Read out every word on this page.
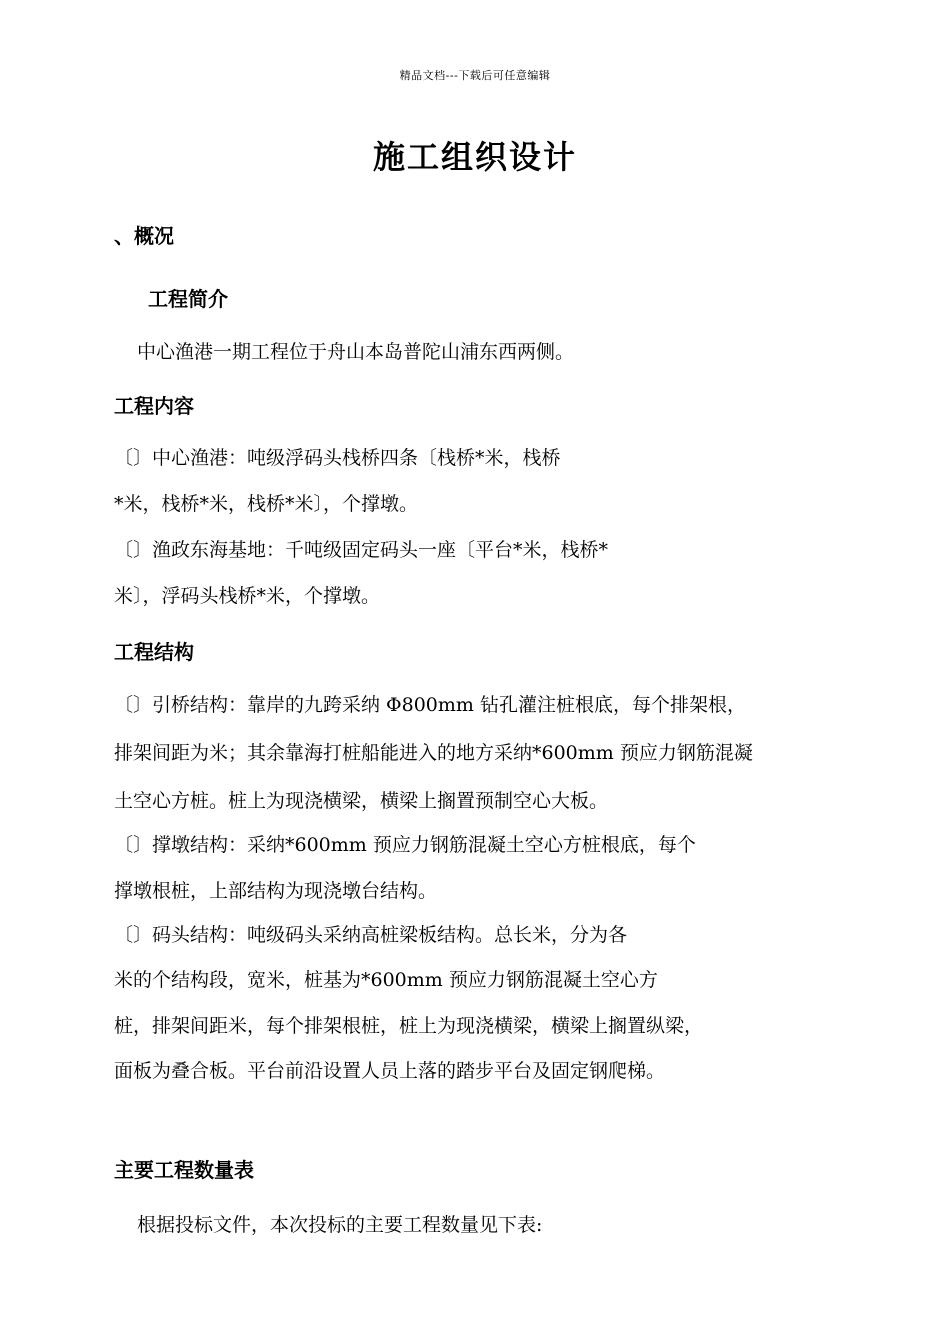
精品文档---下载后可任意编辑
施工组织设计
、概况
工程简介
中心渔港一期工程位于舟山本岛普陀山浦东西两侧。
工程内容
〔〕中心渔港：吨级浮码头栈桥四条〔栈桥*米，栈桥
*米，栈桥*米，栈桥*米〕，个撑墩。
〔〕渔政东海基地：千吨级固定码头一座〔平台*米，栈桥*
米〕，浮码头栈桥*米，个撑墩。
工程结构
〔〕引桥结构：靠岸的九跨采纳 Φ800mm 钻孔灌注桩根底，每个排架根，
排架间距为米；其余靠海打桩船能进入的地方采纳*600mm 预应力钢筋混凝
土空心方桩。桩上为现浇横梁，横梁上搁置预制空心大板。
〔〕撑墩结构：采纳*600mm 预应力钢筋混凝土空心方桩根底，每个
撑墩根桩，上部结构为现浇墩台结构。
〔〕码头结构：吨级码头采纳高桩梁板结构。总长米，分为各
米的个结构段，宽米，桩基为*600mm 预应力钢筋混凝土空心方
桩，排架间距米，每个排架根桩，桩上为现浇横梁，横梁上搁置纵梁，
面板为叠合板。平台前沿设置人员上落的踏步平台及固定钢爬梯。
主要工程数量表
根据投标文件，本次投标的主要工程数量见下表:
